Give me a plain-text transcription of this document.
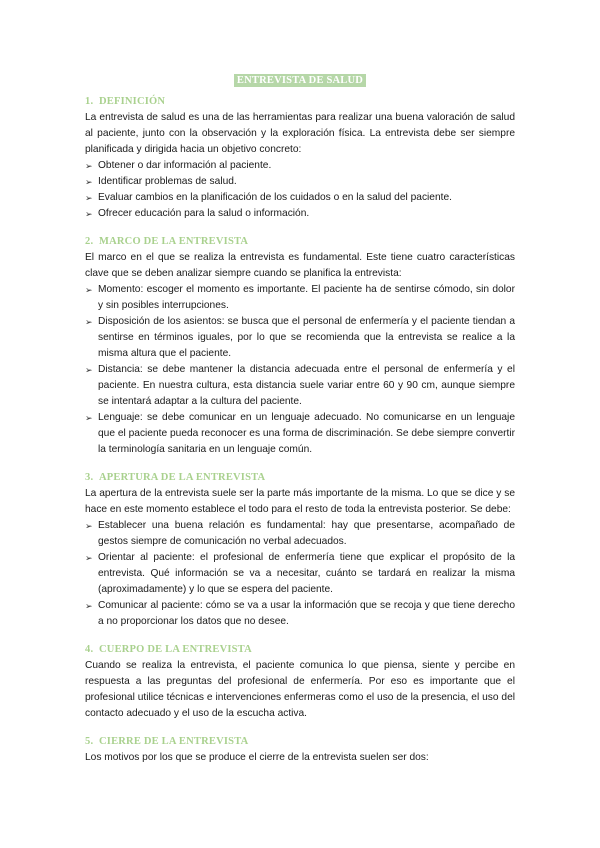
ENTREVISTA DE SALUD
1. DEFINICIÓN

La entrevista de salud es una de las herramientas para realizar una buena valoración de salud al paciente, junto con la observación y la exploración física. La entrevista debe ser siempre planificada y dirigida hacia un objetivo concreto:

➢ Obtener o dar información al paciente.
➢ Identificar problemas de salud.
➢ Evaluar cambios en la planificación de los cuidados o en la salud del paciente.
➢ Ofrecer educación para la salud o información.
2. MARCO DE LA ENTREVISTA

El marco en el que se realiza la entrevista es fundamental. Este tiene cuatro características clave que se deben analizar siempre cuando se planifica la entrevista:

➢ Momento: escoger el momento es importante. El paciente ha de sentirse cómodo, sin dolor y sin posibles interrupciones.
➢ Disposición de los asientos: se busca que el personal de enfermería y el paciente tiendan a sentirse en términos iguales, por lo que se recomienda que la entrevista se realice a la misma altura que el paciente.
➢ Distancia: se debe mantener la distancia adecuada entre el personal de enfermería y el paciente. En nuestra cultura, esta distancia suele variar entre 60 y 90 cm, aunque siempre se intentará adaptar a la cultura del paciente.
➢ Lenguaje: se debe comunicar en un lenguaje adecuado. No comunicarse en un lenguaje que el paciente pueda reconocer es una forma de discriminación. Se debe siempre convertir la terminología sanitaria en un lenguaje común.
3. APERTURA DE LA ENTREVISTA

La apertura de la entrevista suele ser la parte más importante de la misma. Lo que se dice y se hace en este momento establece el todo para el resto de toda la entrevista posterior. Se debe:

➢ Establecer una buena relación es fundamental: hay que presentarse, acompañado de gestos siempre de comunicación no verbal adecuados.
➢ Orientar al paciente: el profesional de enfermería tiene que explicar el propósito de la entrevista. Qué información se va a necesitar, cuánto se tardará en realizar la misma (aproximadamente) y lo que se espera del paciente.
➢ Comunicar al paciente: cómo se va a usar la información que se recoja y que tiene derecho a no proporcionar los datos que no desee.
4. CUERPO DE LA ENTREVISTA

Cuando se realiza la entrevista, el paciente comunica lo que piensa, siente y percibe en respuesta a las preguntas del profesional de enfermería. Por eso es importante que el profesional utilice técnicas e intervenciones enfermeras como el uso de la presencia, el uso del contacto adecuado y el uso de la escucha activa.

5. CIERRE DE LA ENTREVISTA

Los motivos por los que se produce el cierre de la entrevista suelen ser dos:
